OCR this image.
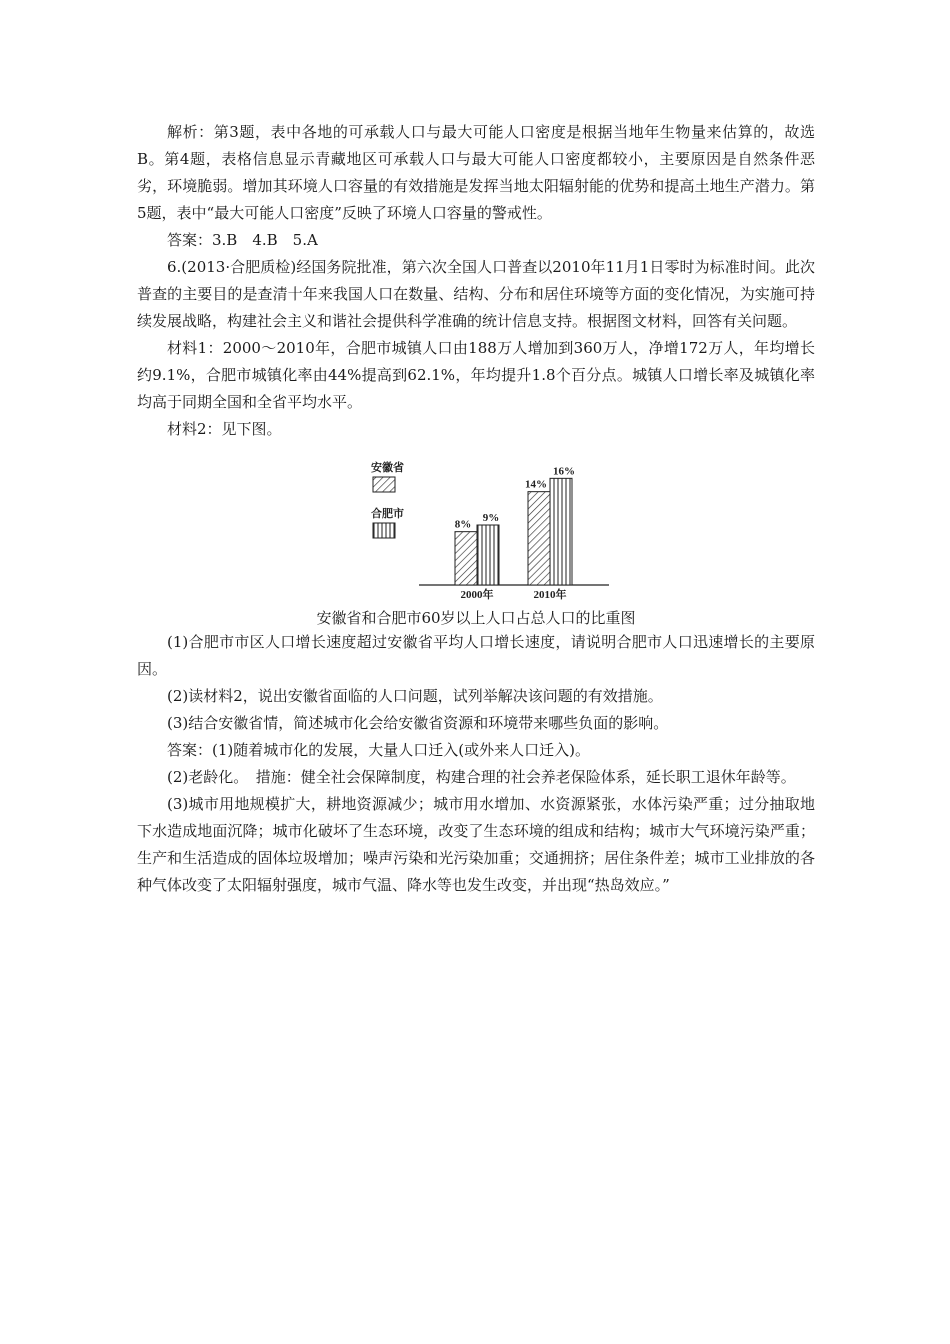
解析：第3题，表中各地的可承载人口与最大可能人口密度是根据当地年生物量来估算的，故选B。第4题，表格信息显示青藏地区可承载人口与最大可能人口密度都较小，主要原因是自然条件恶劣，环境脆弱。增加其环境人口容量的有效措施是发挥当地太阳辐射能的优势和提高土地生产潜力。第5题，表中“最大可能人口密度”反映了环境人口容量的警戒性。

答案：3.B　4.B　5.A

6.(2013·合肥质检)经国务院批准，第六次全国人口普查以2010年11月1日零时为标准时间。此次普查的主要目的是查清十年来我国人口在数量、结构、分布和居住环境等方面的变化情况，为实施可持续发展战略，构建社会主义和谐社会提供科学准确的统计信息支持。根据图文材料，回答有关问题。

材料1：2000～2010年，合肥市城镇人口由188万人增加到360万人，净增172万人，年均增长约9.1%，合肥市城镇化率由44%提高到62.1%，年均提升1.8个百分点。城镇人口增长率及城镇化率均高于同期全国和全省平均水平。

材料2：见下图。

安徽省
合肥市
8%
9%
2000年
14%
16%
2010年

安徽省和合肥市60岁以上人口占总人口的比重图

(1)合肥市市区人口增长速度超过安徽省平均人口增长速度，请说明合肥市人口迅速增长的主要原因。

(2)读材料2，说出安徽省面临的人口问题，试列举解决该问题的有效措施。

(3)结合安徽省情，简述城市化会给安徽省资源和环境带来哪些负面的影响。

答案：(1)随着城市化的发展，大量人口迁入(或外来人口迁入)。

(2)老龄化。　措施：健全社会保障制度，构建合理的社会养老保险体系，延长职工退休年龄等。

(3)城市用地规模扩大，耕地资源减少；城市用水增加、水资源紧张，水体污染严重；过分抽取地下水造成地面沉降；城市化破坏了生态环境，改变了生态环境的组成和结构；城市大气环境污染严重；生产和生活造成的固体垃圾增加；噪声污染和光污染加重；交通拥挤；居住条件差；城市工业排放的各种气体改变了太阳辐射强度，城市气温、降水等也发生改变，并出现“热岛效应。”
